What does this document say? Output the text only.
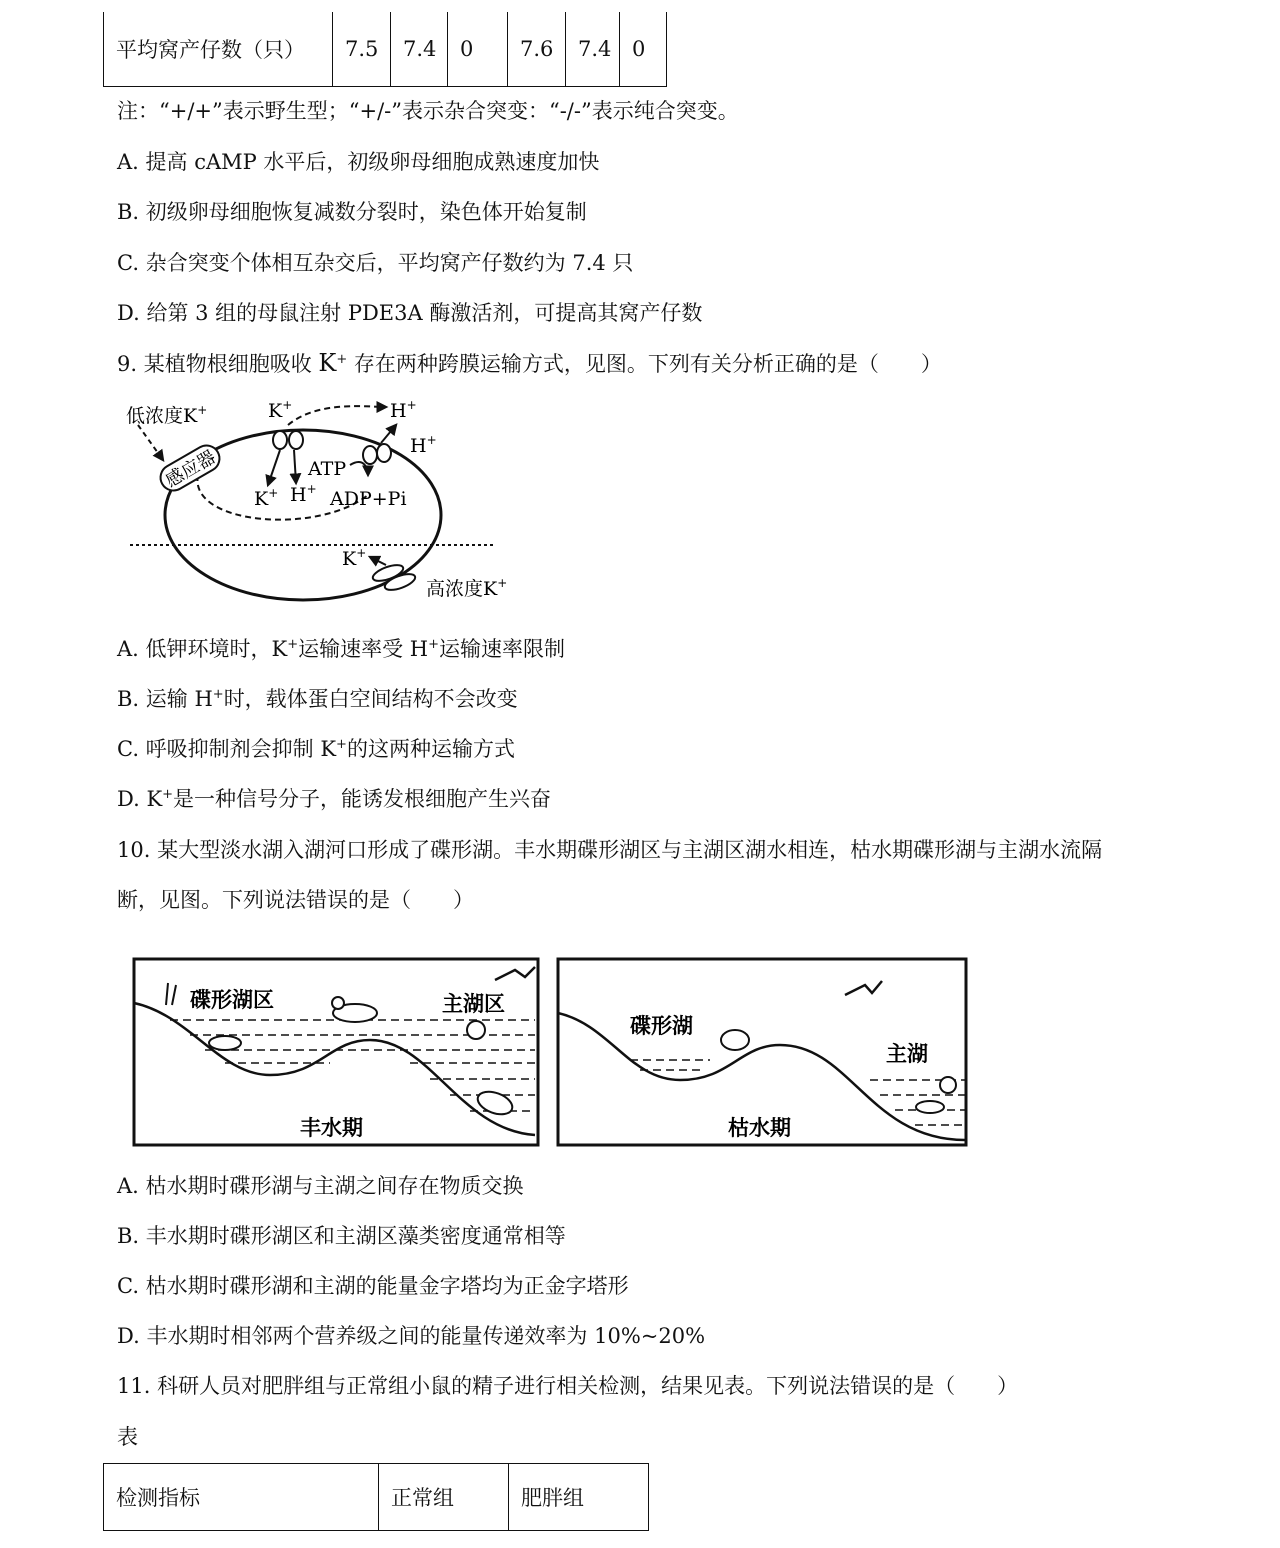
平均窝产仔数（只）	7.5	7.4	0	7.6	7.4	0
注：“+/+”表示野生型；“+/-”表示杂合突变：“-/-”表示纯合突变。
A. 提高 cAMP 水平后，初级卵母细胞成熟速度加快
B. 初级卵母细胞恢复减数分裂时，染色体开始复制
C. 杂合突变个体相互杂交后，平均窝产仔数约为 7.4 只
D. 给第 3 组的母鼠注射 PDE3A 酶激活剂，可提高其窝产仔数
9. 某植物根细胞吸收 K+ 存在两种跨膜运输方式，见图。下列有关分析正确的是（　　）
感应器
低浓度K+	K+	H+
H+
ATP
ADP+Pi
K+ H+
K+
高浓度K+
A. 低钾环境时，K+运输速率受 H+运输速率限制
B. 运输 H+时，载体蛋白空间结构不会改变
C. 呼吸抑制剂会抑制 K+的这两种运输方式
D. K+是一种信号分子，能诱发根细胞产生兴奋
10. 某大型淡水湖入湖河口形成了碟形湖。丰水期碟形湖区与主湖区湖水相连，枯水期碟形湖与主湖水流隔
断，见图。下列说法错误的是（　　）
碟形湖区	主湖区
丰水期
碟形湖
主湖
枯水期
A. 枯水期时碟形湖与主湖之间存在物质交换
B. 丰水期时碟形湖区和主湖区藻类密度通常相等
C. 枯水期时碟形湖和主湖的能量金字塔均为正金字塔形
D. 丰水期时相邻两个营养级之间的能量传递效率为 10%~20%
11. 科研人员对肥胖组与正常组小鼠的精子进行相关检测，结果见表。下列说法错误的是（　　）
表
检测指标	正常组	肥胖组
